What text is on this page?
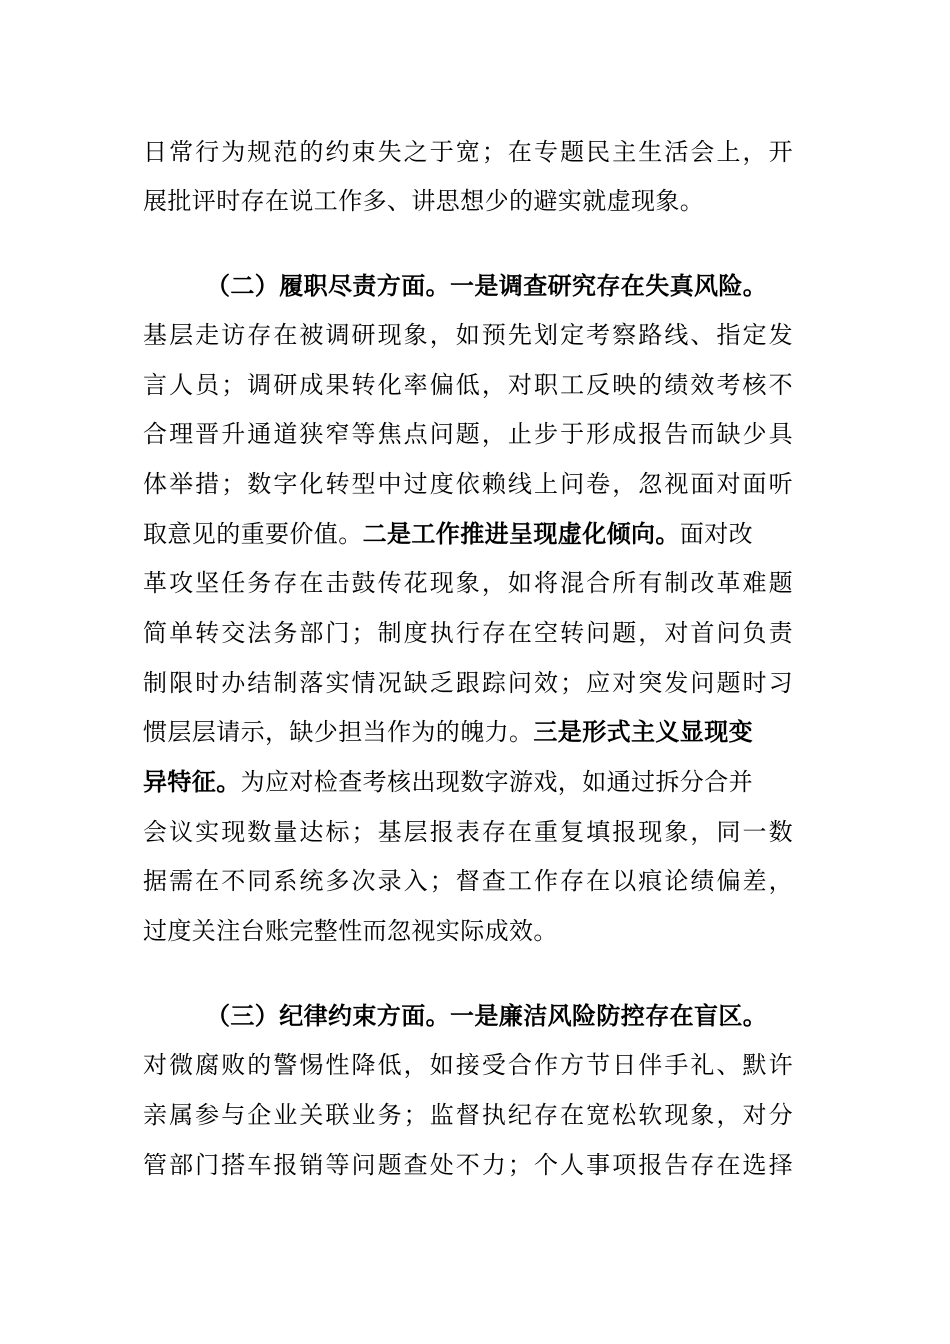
日常行为规范的约束失之于宽；在专题民主生活会上，开
展批评时存在说工作多、讲思想少的避实就虚现象。
（二）履职尽责方面。一是调查研究存在失真风险。
基层走访存在被调研现象，如预先划定考察路线、指定发
言人员；调研成果转化率偏低，对职工反映的绩效考核不
合理晋升通道狭窄等焦点问题，止步于形成报告而缺少具
体举措；数字化转型中过度依赖线上问卷，忽视面对面听
取意见的重要价值。二是工作推进呈现虚化倾向。面对改
革攻坚任务存在击鼓传花现象，如将混合所有制改革难题
简单转交法务部门；制度执行存在空转问题，对首问负责
制限时办结制落实情况缺乏跟踪问效；应对突发问题时习
惯层层请示，缺少担当作为的魄力。三是形式主义显现变
异特征。为应对检查考核出现数字游戏，如通过拆分合并
会议实现数量达标；基层报表存在重复填报现象，同一数
据需在不同系统多次录入；督查工作存在以痕论绩偏差，
过度关注台账完整性而忽视实际成效。
（三）纪律约束方面。一是廉洁风险防控存在盲区。
对微腐败的警惕性降低，如接受合作方节日伴手礼、默许
亲属参与企业关联业务；监督执纪存在宽松软现象，对分
管部门搭车报销等问题查处不力；个人事项报告存在选择
